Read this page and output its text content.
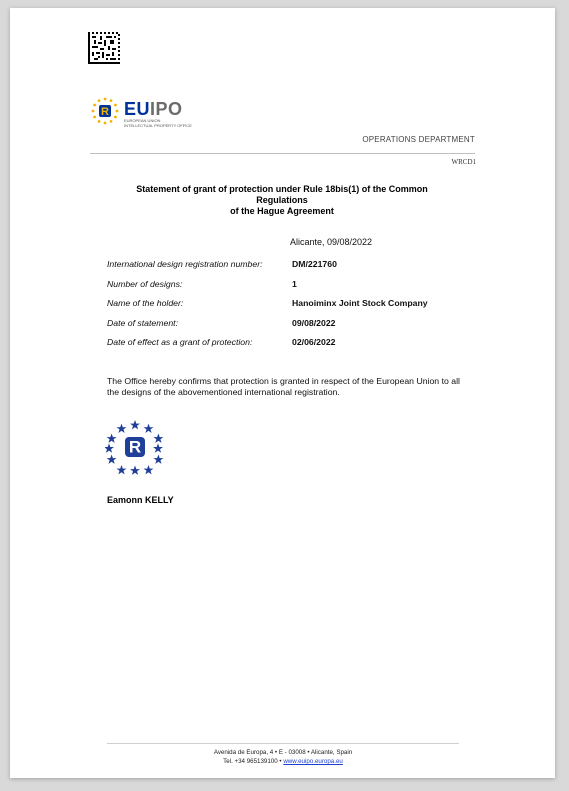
R EUIPO
EUROPEAN UNION
INTELLECTUAL PROPERTY OFFICE
OPERATIONS DEPARTMENT
WRCD1
Statement of grant of protection under Rule 18bis(1) of the Common
Regulations
of the Hague Agreement
Alicante, 09/08/2022
International design registration number:	DM/221760
Number of designs:	1
Name of the holder:	Hanoiminx Joint Stock Company
Date of statement:	09/08/2022
Date of effect as a grant of protection:	02/06/2022
The Office hereby confirms that protection is granted in respect of the European Union to all the designs of the abovementioned international registration.
R
Eamonn KELLY
Avenida de Europa, 4 • E - 03008 • Alicante, Spain
Tel. +34 965139100 • www.euipo.europa.eu
